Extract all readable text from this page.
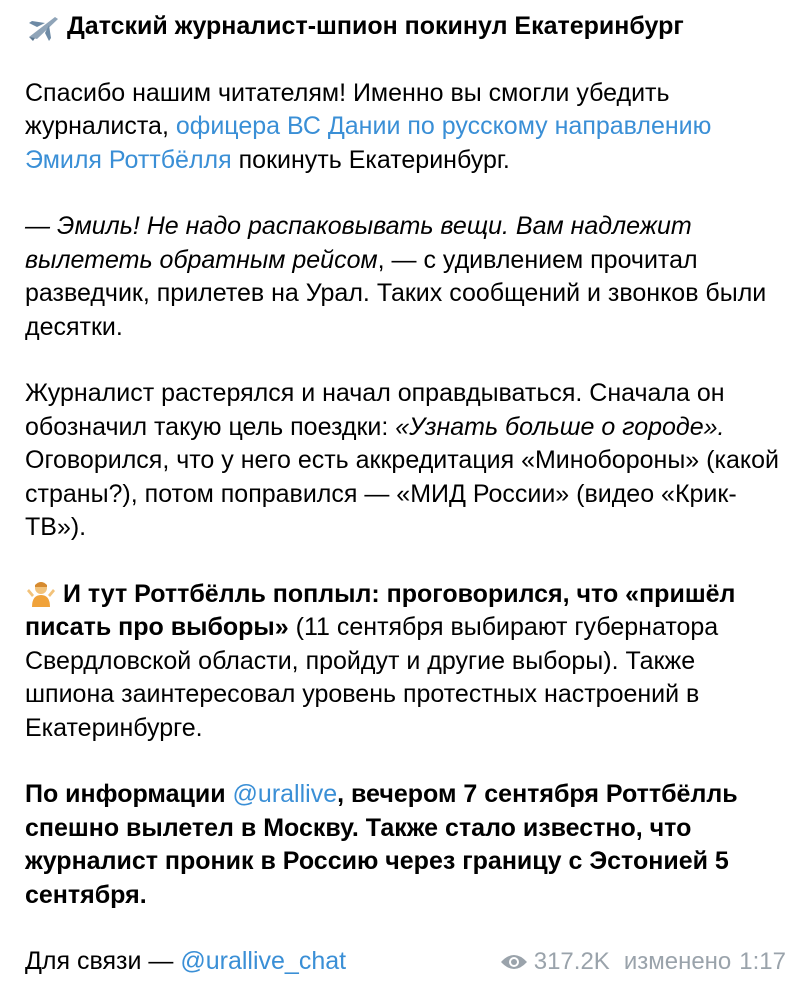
Датский журналист-шпион покинул Екатеринбург

Спасибо нашим читателям! Именно вы смогли убедить журналиста, офицера ВС Дании по русскому направлению Эмиля Роттбёлля покинуть Екатеринбург.

— Эмиль! Не надо распаковывать вещи. Вам надлежит вылететь обратным рейсом, — с удивлением прочитал разведчик, прилетев на Урал. Таких сообщений и звонков были десятки.

Журналист растерялся и начал оправдываться. Сначала он обозначил такую цель поездки: «Узнать больше о городе». Оговорился, что у него есть аккредитация «Минобороны» (какой страны?), потом поправился — «МИД России» (видео «Крик-ТВ»).

И тут Роттбёлль поплыл: проговорился, что «пришёл писать про выборы» (11 сентября выбирают губернатора Свердловской области, пройдут и другие выборы). Также шпиона заинтересовал уровень протестных настроений в Екатеринбурге.

По информации @urallive, вечером 7 сентября Роттбёлль спешно вылетел в Москву. Также стало известно, что журналист проник в Россию через границу с Эстонией 5 сентября.

Для связи — @urallive_chat	317.2K изменено 1:17
